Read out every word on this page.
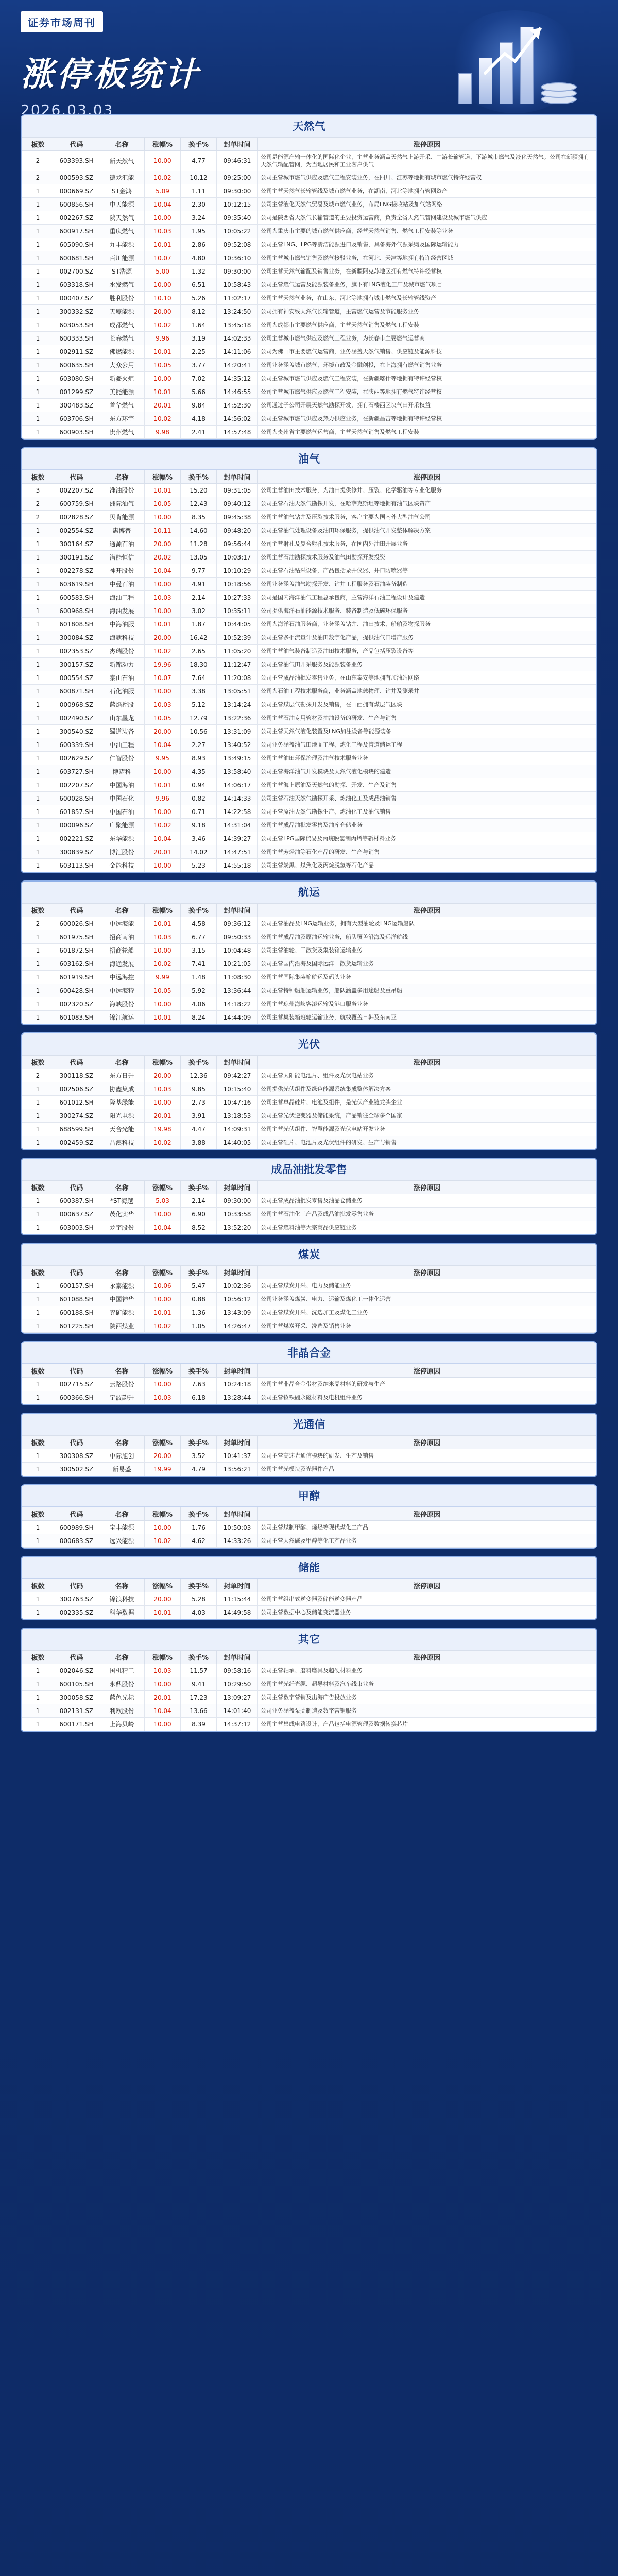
证券市场周刊
涨停板统计
2026.03.03
天然气
板数	代码	名称	涨幅%	换手%	封单时间	涨停原因
2	603393.SH	新天然气	10.00	4.77	09:46:31	公司是能源产输一体化的国际化企业，主营业务涵盖天然气上游开采、中游长输管道、下游城市燃气及液化天然气。公司在新疆拥有天然气输配管网，为当地居民和工业客户供气
2	000593.SZ	德龙汇能	10.02	10.12	09:25:00	公司主营城市燃气供应及燃气工程安装业务，在四川、江苏等地拥有城市燃气特许经营权
1	000669.SZ	ST金鸿	5.09	1.11	09:30:00	公司主营天然气长输管线及城市燃气业务，在湖南、河北等地拥有管网资产
1	600856.SH	中天能源	10.04	2.30	10:12:15	公司主营液化天然气贸易及城市燃气业务，布局LNG接收站及加气站网络
1	002267.SZ	陕天然气	10.00	3.24	09:35:40	公司是陕西省天然气长输管道的主要投资运营商，负责全省天然气管网建设及城市燃气供应
1	600917.SH	重庆燃气	10.03	1.95	10:05:22	公司为重庆市主要的城市燃气供应商，经营天然气销售、燃气工程安装等业务
1	605090.SH	九丰能源	10.01	2.86	09:52:08	公司主营LNG、LPG等清洁能源进口及销售，具备海外气源采购及国际运输能力
1	600681.SH	百川能源	10.07	4.80	10:36:10	公司主营城市燃气销售及燃气接驳业务，在河北、天津等地拥有特许经营区域
1	002700.SZ	ST浩源	5.00	1.32	09:30:00	公司主营天然气输配及销售业务，在新疆阿克苏地区拥有燃气特许经营权
1	603318.SH	水发燃气	10.00	6.51	10:58:43	公司主营燃气运营及能源装备业务，旗下有LNG液化工厂及城市燃气项目
1	000407.SZ	胜利股份	10.10	5.26	11:02:17	公司主营天然气业务，在山东、河北等地拥有城市燃气及长输管线资产
1	300332.SZ	天壕能源	20.00	8.12	13:24:50	公司拥有神安线天然气长输管道，主营燃气运营及节能服务业务
1	603053.SH	成都燃气	10.02	1.64	13:45:18	公司为成都市主要燃气供应商，主营天然气销售及燃气工程安装
1	600333.SH	长春燃气	9.96	3.19	14:02:33	公司主营城市燃气供应及燃气工程业务，为长春市主要燃气运营商
1	002911.SZ	佛燃能源	10.01	2.25	14:11:06	公司为佛山市主要燃气运营商，业务涵盖天然气销售、供应链及能源科技
1	600635.SH	大众公用	10.05	3.77	14:20:41	公司业务涵盖城市燃气、环境市政及金融创投，在上海拥有燃气销售业务
1	603080.SH	新疆火炬	10.00	7.02	14:35:12	公司主营城市燃气供应及燃气工程安装，在新疆喀什等地拥有特许经营权
1	001299.SZ	美能能源	10.01	5.66	14:46:55	公司主营城市燃气供应及燃气工程安装，在陕西等地拥有燃气特许经营权
1	300483.SZ	首华燃气	20.01	9.84	14:52:30	公司通过子公司开展天然气勘探开发，拥有石楼西区块气田开采权益
1	603706.SH	东方环宇	10.02	4.18	14:56:02	公司主营城市燃气供应及热力供应业务，在新疆昌吉等地拥有特许经营权
1	600903.SH	贵州燃气	9.98	2.41	14:57:48	公司为贵州省主要燃气运营商，主营天然气销售及燃气工程安装
油气
板数	代码	名称	涨幅%	换手%	封单时间	涨停原因
3	002207.SZ	准油股份	10.01	15.20	09:31:05	公司主营油田技术服务，为油田提供修井、压裂、化学驱油等专业化服务
2	600759.SH	洲际油气	10.05	12.43	09:40:12	公司主营石油天然气勘探开发，在哈萨克斯坦等地拥有油气区块资产
2	002828.SZ	贝肯能源	10.00	8.35	09:45:38	公司主营油气钻井及压裂技术服务，客户主要为国内外大型油气公司
1	002554.SZ	惠博普	10.11	14.60	09:48:20	公司主营油气处理设备及油田环保服务，提供油气开发整体解决方案
1	300164.SZ	通源石油	20.00	11.28	09:56:44	公司主营射孔及复合射孔技术服务，在国内外油田开展业务
1	300191.SZ	潜能恒信	20.02	13.05	10:03:17	公司主营石油勘探技术服务及油气田勘探开发投资
1	002278.SZ	神开股份	10.04	9.77	10:10:29	公司主营石油钻采设备，产品包括录井仪器、井口防喷器等
1	603619.SH	中曼石油	10.00	4.91	10:18:56	公司业务涵盖油气勘探开发、钻井工程服务及石油装备制造
1	600583.SH	海油工程	10.03	2.14	10:27:33	公司是国内海洋油气工程总承包商，主营海洋石油工程设计及建造
1	600968.SH	海油发展	10.00	3.02	10:35:11	公司提供海洋石油能源技术服务、装备制造及低碳环保服务
1	601808.SH	中海油服	10.01	1.87	10:44:05	公司为海洋石油服务商，业务涵盖钻井、油田技术、船舶及物探服务
1	300084.SZ	海默科技	20.00	16.42	10:52:39	公司主营多相流量计及油田数字化产品，提供油气田增产服务
1	002353.SZ	杰瑞股份	10.02	2.65	11:05:20	公司主营油气装备制造及油田技术服务，产品包括压裂设备等
1	300157.SZ	新锦动力	19.96	18.30	11:12:47	公司主营油气田开采服务及能源装备业务
1	000554.SZ	泰山石油	10.07	7.64	11:20:08	公司主营成品油批发零售业务，在山东泰安等地拥有加油站网络
1	600871.SH	石化油服	10.00	3.38	13:05:51	公司为石油工程技术服务商，业务涵盖地球物理、钻井及测录井
1	000968.SZ	蓝焰控股	10.03	5.12	13:14:24	公司主营煤层气勘探开发及销售，在山西拥有煤层气区块
1	002490.SZ	山东墨龙	10.05	12.79	13:22:36	公司主营石油专用管材及抽油设备的研发、生产与销售
1	300540.SZ	蜀道装备	20.00	10.56	13:31:09	公司主营天然气液化装置及LNG加注设备等能源装备
1	600339.SH	中油工程	10.04	2.27	13:40:52	公司业务涵盖油气田地面工程、炼化工程及管道储运工程
1	002629.SZ	仁智股份	9.95	8.93	13:49:15	公司主营油田环保治理及油气技术服务业务
1	603727.SH	博迈科	10.00	4.35	13:58:40	公司主营海洋油气开发模块及天然气液化模块的建造
1	002207.SZ	中国海油	10.01	0.94	14:06:17	公司主营海上原油及天然气的勘探、开发、生产及销售
1	600028.SH	中国石化	9.96	0.82	14:14:33	公司主营石油天然气勘探开采、炼油化工及成品油销售
1	601857.SH	中国石油	10.00	0.71	14:22:58	公司主营原油天然气勘探生产、炼油化工及油气销售
1	000096.SZ	广聚能源	10.02	9.18	14:31:04	公司主营成品油批发零售及油库仓储业务
1	002221.SZ	东华能源	10.04	3.46	14:39:27	公司主营LPG国际贸易及丙烷脱氢制丙烯等新材料业务
1	300839.SZ	博汇股份	20.01	14.02	14:47:51	公司主营芳烃油等石化产品的研发、生产与销售
1	603113.SH	金能科技	10.00	5.23	14:55:18	公司主营炭黑、煤焦化及丙烷脱氢等石化产品
航运
板数	代码	名称	涨幅%	换手%	封单时间	涨停原因
2	600026.SH	中远海能	10.01	4.58	09:36:12	公司主营油品及LNG运输业务，拥有大型油轮及LNG运输船队
1	601975.SH	招商南油	10.03	6.77	09:50:33	公司主营成品油及原油运输业务，船队覆盖沿海及远洋航线
1	601872.SH	招商轮船	10.00	3.15	10:04:48	公司主营油轮、干散货及集装箱运输业务
1	603162.SH	海通发展	10.02	7.41	10:21:05	公司主营国内沿海及国际远洋干散货运输业务
1	601919.SH	中远海控	9.99	1.48	11:08:30	公司主营国际集装箱航运及码头业务
1	600428.SH	中远海特	10.05	5.92	13:36:44	公司主营特种船舶运输业务，船队涵盖多用途船及重吊船
1	002320.SZ	海峡股份	10.00	4.06	14:18:22	公司主营琼州海峡客滚运输及港口服务业务
1	601083.SH	锦江航运	10.01	8.24	14:44:09	公司主营集装箱班轮运输业务，航线覆盖日韩及东南亚
光伏
板数	代码	名称	涨幅%	换手%	封单时间	涨停原因
2	300118.SZ	东方日升	20.00	12.36	09:42:27	公司主营太阳能电池片、组件及光伏电站业务
1	002506.SZ	协鑫集成	10.03	9.85	10:15:40	公司提供光伏组件及绿色能源系统集成整体解决方案
1	601012.SH	隆基绿能	10.00	2.73	10:47:16	公司主营单晶硅片、电池及组件，是光伏产业链龙头企业
1	300274.SZ	阳光电源	20.01	3.91	13:18:53	公司主营光伏逆变器及储能系统，产品销往全球多个国家
1	688599.SH	天合光能	19.98	4.47	14:09:31	公司主营光伏组件、智慧能源及光伏电站开发业务
1	002459.SZ	晶澳科技	10.02	3.88	14:40:05	公司主营硅片、电池片及光伏组件的研发、生产与销售
成品油批发零售
板数	代码	名称	涨幅%	换手%	封单时间	涨停原因
1	600387.SH	*ST海越	5.03	2.14	09:30:00	公司主营成品油批发零售及油品仓储业务
1	000637.SZ	茂化实华	10.00	6.90	10:33:58	公司主营石油化工产品及成品油批发零售业务
1	603003.SH	龙宇股份	10.04	8.52	13:52:20	公司主营燃料油等大宗商品供应链业务
煤炭
板数	代码	名称	涨幅%	换手%	封单时间	涨停原因
1	600157.SH	永泰能源	10.06	5.47	10:02:36	公司主营煤炭开采、电力及储能业务
1	601088.SH	中国神华	10.00	0.88	10:56:12	公司业务涵盖煤炭、电力、运输及煤化工一体化运营
1	600188.SH	兖矿能源	10.01	1.36	13:43:09	公司主营煤炭开采、洗选加工及煤化工业务
1	601225.SH	陕西煤业	10.02	1.05	14:26:47	公司主营煤炭开采、洗选及销售业务
非晶合金
板数	代码	名称	涨幅%	换手%	封单时间	涨停原因
1	002715.SZ	云路股份	10.00	7.63	10:24:18	公司主营非晶合金带材及纳米晶材料的研发与生产
1	600366.SH	宁波韵升	10.03	6.18	13:28:44	公司主营钕铁硼永磁材料及电机组件业务
光通信
板数	代码	名称	涨幅%	换手%	封单时间	涨停原因
1	300308.SZ	中际旭创	20.00	3.52	10:41:37	公司主营高速光通信模块的研发、生产及销售
1	300502.SZ	新易盛	19.99	4.79	13:56:21	公司主营光模块及光器件产品
甲醇
板数	代码	名称	涨幅%	换手%	封单时间	涨停原因
1	600989.SH	宝丰能源	10.00	1.76	10:50:03	公司主营煤制甲醇、烯烃等现代煤化工产品
1	000683.SZ	远兴能源	10.02	4.62	14:33:26	公司主营天然碱及甲醇等化工产品业务
储能
板数	代码	名称	涨幅%	换手%	封单时间	涨停原因
1	300763.SZ	锦浪科技	20.00	5.28	11:15:44	公司主营组串式逆变器及储能逆变器产品
1	002335.SZ	科华数据	10.01	4.03	14:49:58	公司主营数据中心及储能变流器业务
其它
板数	代码	名称	涨幅%	换手%	封单时间	涨停原因
1	002046.SZ	国机精工	10.03	11.57	09:58:16	公司主营轴承、磨料磨具及超硬材料业务
1	600105.SH	永鼎股份	10.00	9.41	10:29:50	公司主营光纤光缆、超导材料及汽车线束业务
1	300058.SZ	蓝色光标	20.01	17.23	13:09:27	公司主营数字营销及出海广告投放业务
1	002131.SZ	利欧股份	10.04	13.66	14:01:40	公司业务涵盖泵类制造及数字营销服务
1	600171.SH	上海贝岭	10.00	8.39	14:37:12	公司主营集成电路设计，产品包括电源管理及数据转换芯片
